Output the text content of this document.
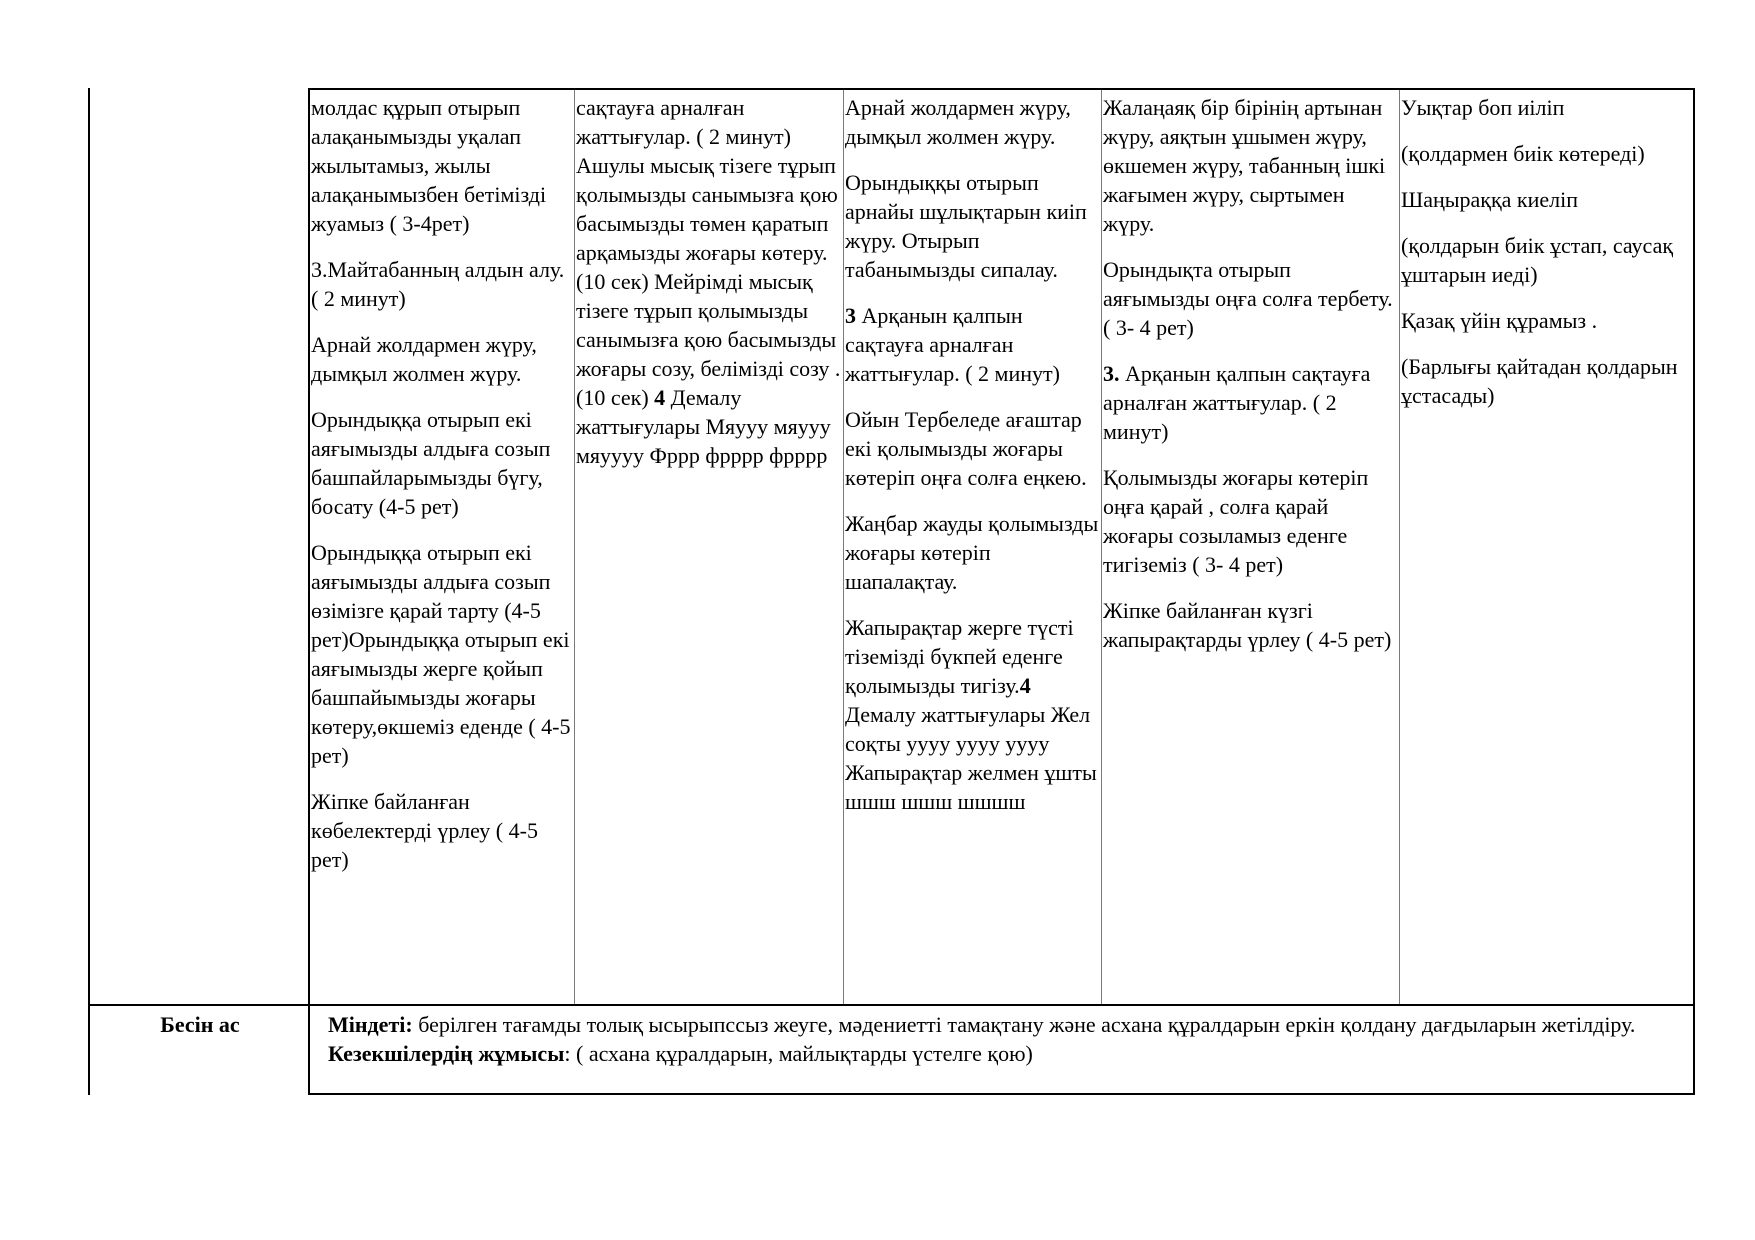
молдас құрып отырып алақанымызды уқалап жылытамыз, жылы алақанымызбен бетімізді жуамыз ( 3-4рет)

3.Майтабанның алдын алу. ( 2 минут)

Арнай жолдармен жүру, дымқыл жолмен жүру.

Орындыққа отырып екі аяғымызды алдыға созып башпайларымызды бүгу, босату (4-5 рет)

Орындыққа отырып екі аяғымызды алдыға созып өзімізге қарай тарту (4-5 рет)Орындыққа отырып екі аяғымызды жерге қойып башпайымызды жоғары көтеру,өкшеміз еденде ( 4-5 рет)

Жіпке байланған көбелектерді үрлеу ( 4-5 рет)

сақтауға арналған жаттығулар. ( 2 минут) Ашулы мысық тізеге тұрып қолымызды санымызға қою басымызды төмен қаратып арқамызды жоғары көтеру. (10 сек) Мейрімді мысық тізеге тұрып қолымызды санымызға қою басымызды жоғары созу, белімізді созу . (10 сек) 4 Демалу жаттығулары Мяууу мяууу мяуууу Фррр фрррр фрррр

Арнай жолдармен жүру, дымқыл жолмен жүру.

Орындыққы отырып арнайы шұлықтарын киіп жүру. Отырып табанымызды сипалау.

3 Арқанын қалпын сақтауға арналған жаттығулар. ( 2 минут)

Ойын Тербеледе ағаштар екі қолымызды жоғары көтеріп оңға солға еңкею.

Жаңбар жауды қолымызды жоғары көтеріп шапалақтау.

Жапырақтар жерге түсті тіземізді бүкпей еденге қолымызды тигізу.4 Демалу жаттығулары Жел соқты уууу уууу уууу Жапырақтар желмен ұшты шшш шшш шшшш

Жалаңаяқ бір бірінің артынан жүру, аяқтын ұшымен жүру, өкшемен жүру, табанның ішкі жағымен жүру, сыртымен жүру.

Орындықта отырып аяғымызды оңға солға тербету. ( 3- 4 рет)

3. Арқанын қалпын сақтауға арналған жаттығулар. ( 2 минут)

Қолымызды жоғары көтеріп оңға қарай , солға қарай жоғары созыламыз еденге тигіземіз ( 3- 4 рет)

Жіпке байланған күзгі жапырақтарды үрлеу ( 4-5 рет)

Уықтар боп иіліп

(қолдармен биік көтереді)

Шаңыраққа киеліп

(қолдарын биік ұстап, саусақ ұштарын иеді)

Қазақ үйін құрамыз .

(Барлығы қайтадан қолдарын ұстасады)

Бесін ас	Міндеті: берілген тағамды толық ысырыпссыз жеуге, мәдениетті тамақтану және асхана құралдарын еркін қолдану дағдыларын жетілдіру.
Кезекшілердің жұмысы: ( асхана құралдарын, майлықтарды үстелге қою)
